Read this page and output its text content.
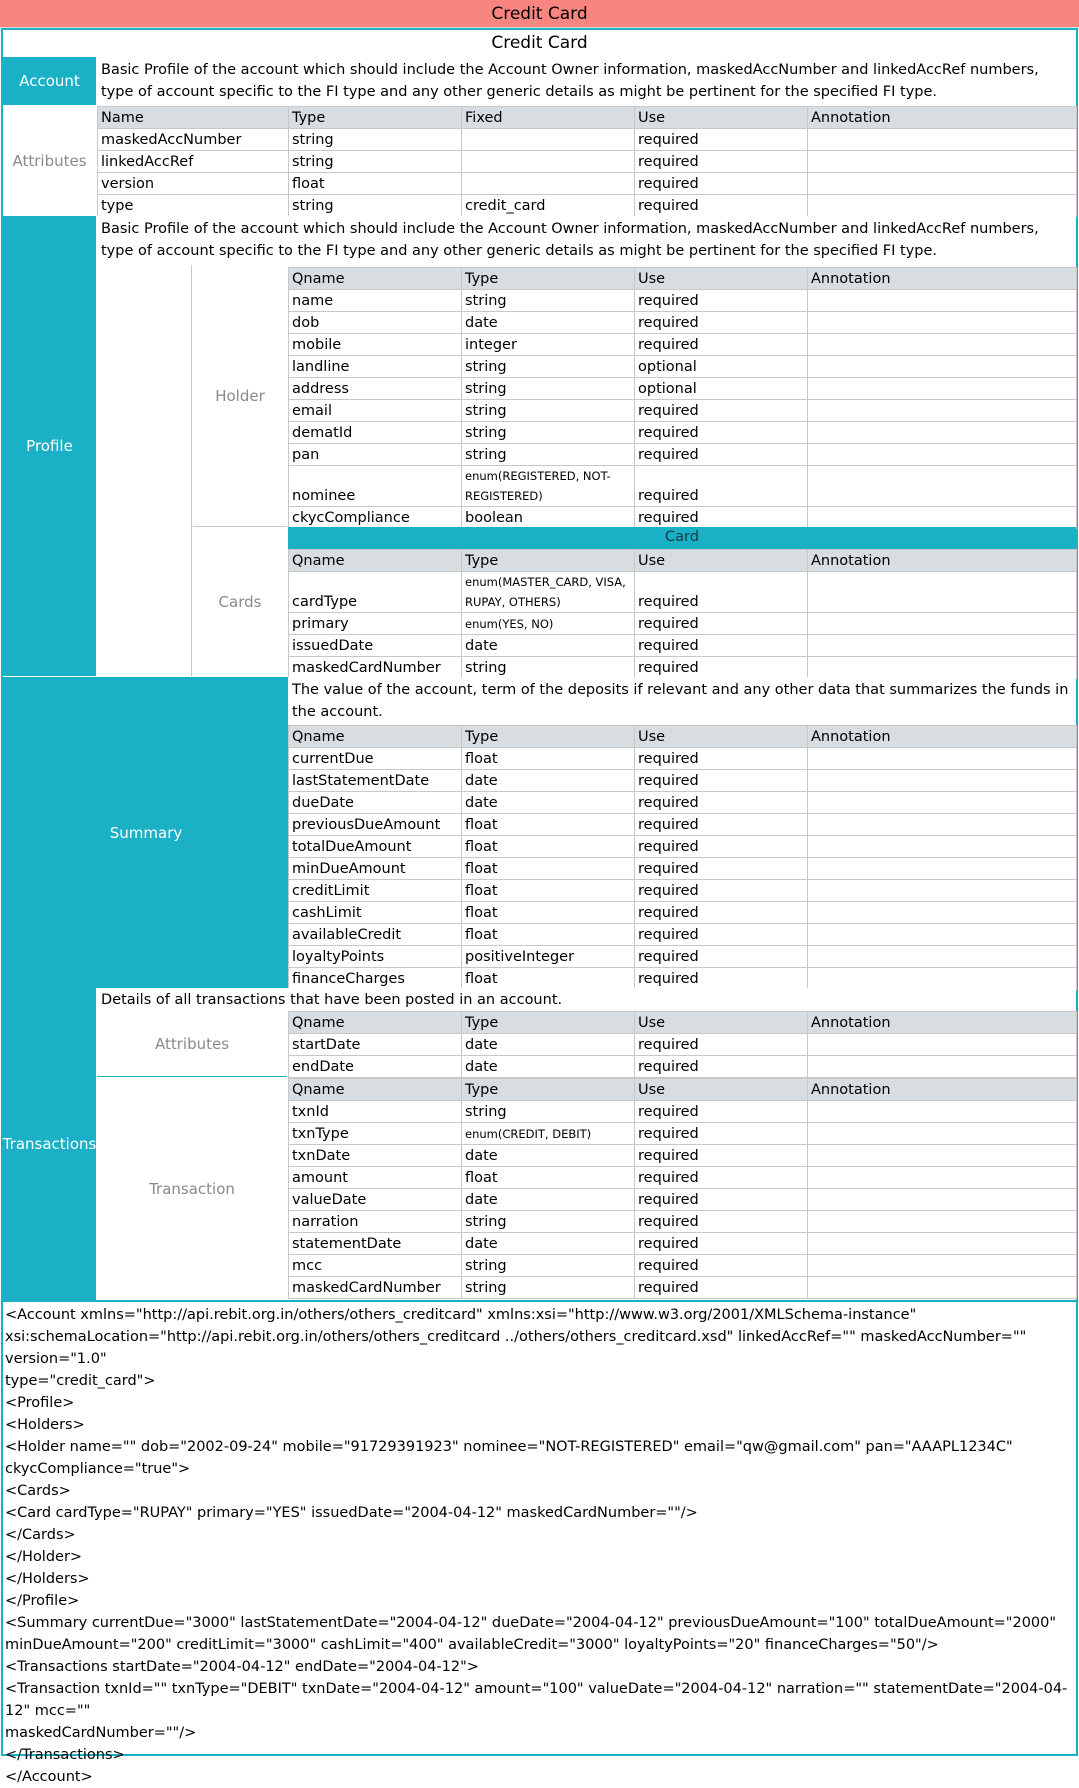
Credit Card
Credit Card
Account
Basic Profile of the account which should include the Account Owner information, maskedAccNumber and linkedAccRef numbers, type of account specific to the FI type and any other generic details as might be pertinent for the specified FI type.
Attributes
Name	Type	Fixed	Use	Annotation
maskedAccNumber	string		required	
linkedAccRef	string		required	
version	float		required	
type	string	credit_card	required	
Profile
Basic Profile of the account which should include the Account Owner information, maskedAccNumber and linkedAccRef numbers, type of account specific to the FI type and any other generic details as might be pertinent for the specified FI type.
Holder
Cards
Qname	Type	Use	Annotation
name	string	required	
dob	date	required	
mobile	integer	required	
landline	string	optional	
address	string	optional	
email	string	required	
dematId	string	required	
pan	string	required	
nominee	enum(REGISTERED, NOT-REGISTERED)	required	
ckycCompliance	boolean	required	
Card
Qname	Type	Use	Annotation
cardType	enum(MASTER_CARD, VISA, RUPAY, OTHERS)	required	
primary	enum(YES, NO)	required	
issuedDate	date	required	
maskedCardNumber	string	required	
Summary
The value of the account, term of the deposits if relevant and any other data that summarizes the funds in the account.
Qname	Type	Use	Annotation
currentDue	float	required	
lastStatementDate	date	required	
dueDate	date	required	
previousDueAmount	float	required	
totalDueAmount	float	required	
minDueAmount	float	required	
creditLimit	float	required	
cashLimit	float	required	
availableCredit	float	required	
loyaltyPoints	positiveInteger	required	
financeCharges	float	required	
Transactions
Details of all transactions that have been posted in an account.
Attributes
Qname	Type	Use	Annotation
startDate	date	required	
endDate	date	required	
Transaction
Qname	Type	Use	Annotation
txnId	string	required	
txnType	enum(CREDIT, DEBIT)	required	
txnDate	date	required	
amount	float	required	
valueDate	date	required	
narration	string	required	
statementDate	date	required	
mcc	string	required	
maskedCardNumber	string	required	
<Account xmlns="http://api.rebit.org.in/others/others_creditcard" xmlns:xsi="http://www.w3.org/2001/XMLSchema-instance"
xsi:schemaLocation="http://api.rebit.org.in/others/others_creditcard ../others/others_creditcard.xsd" linkedAccRef="" maskedAccNumber="" version="1.0"
type="credit_card">
<Profile>
<Holders>
<Holder name="" dob="2002-09-24" mobile="91729391923" nominee="NOT-REGISTERED" email="qw@gmail.com" pan="AAAPL1234C"
ckycCompliance="true">
<Cards>
<Card cardType="RUPAY" primary="YES" issuedDate="2004-04-12" maskedCardNumber=""/>
</Cards>
</Holder>
</Holders>
</Profile>
<Summary currentDue="3000" lastStatementDate="2004-04-12" dueDate="2004-04-12" previousDueAmount="100" totalDueAmount="2000"
minDueAmount="200" creditLimit="3000" cashLimit="400" availableCredit="3000" loyaltyPoints="20" financeCharges="50"/>
<Transactions startDate="2004-04-12" endDate="2004-04-12">
<Transaction txnId="" txnType="DEBIT" txnDate="2004-04-12" amount="100" valueDate="2004-04-12" narration="" statementDate="2004-04-12" mcc=""
maskedCardNumber=""/>
</Transactions>
</Account>
